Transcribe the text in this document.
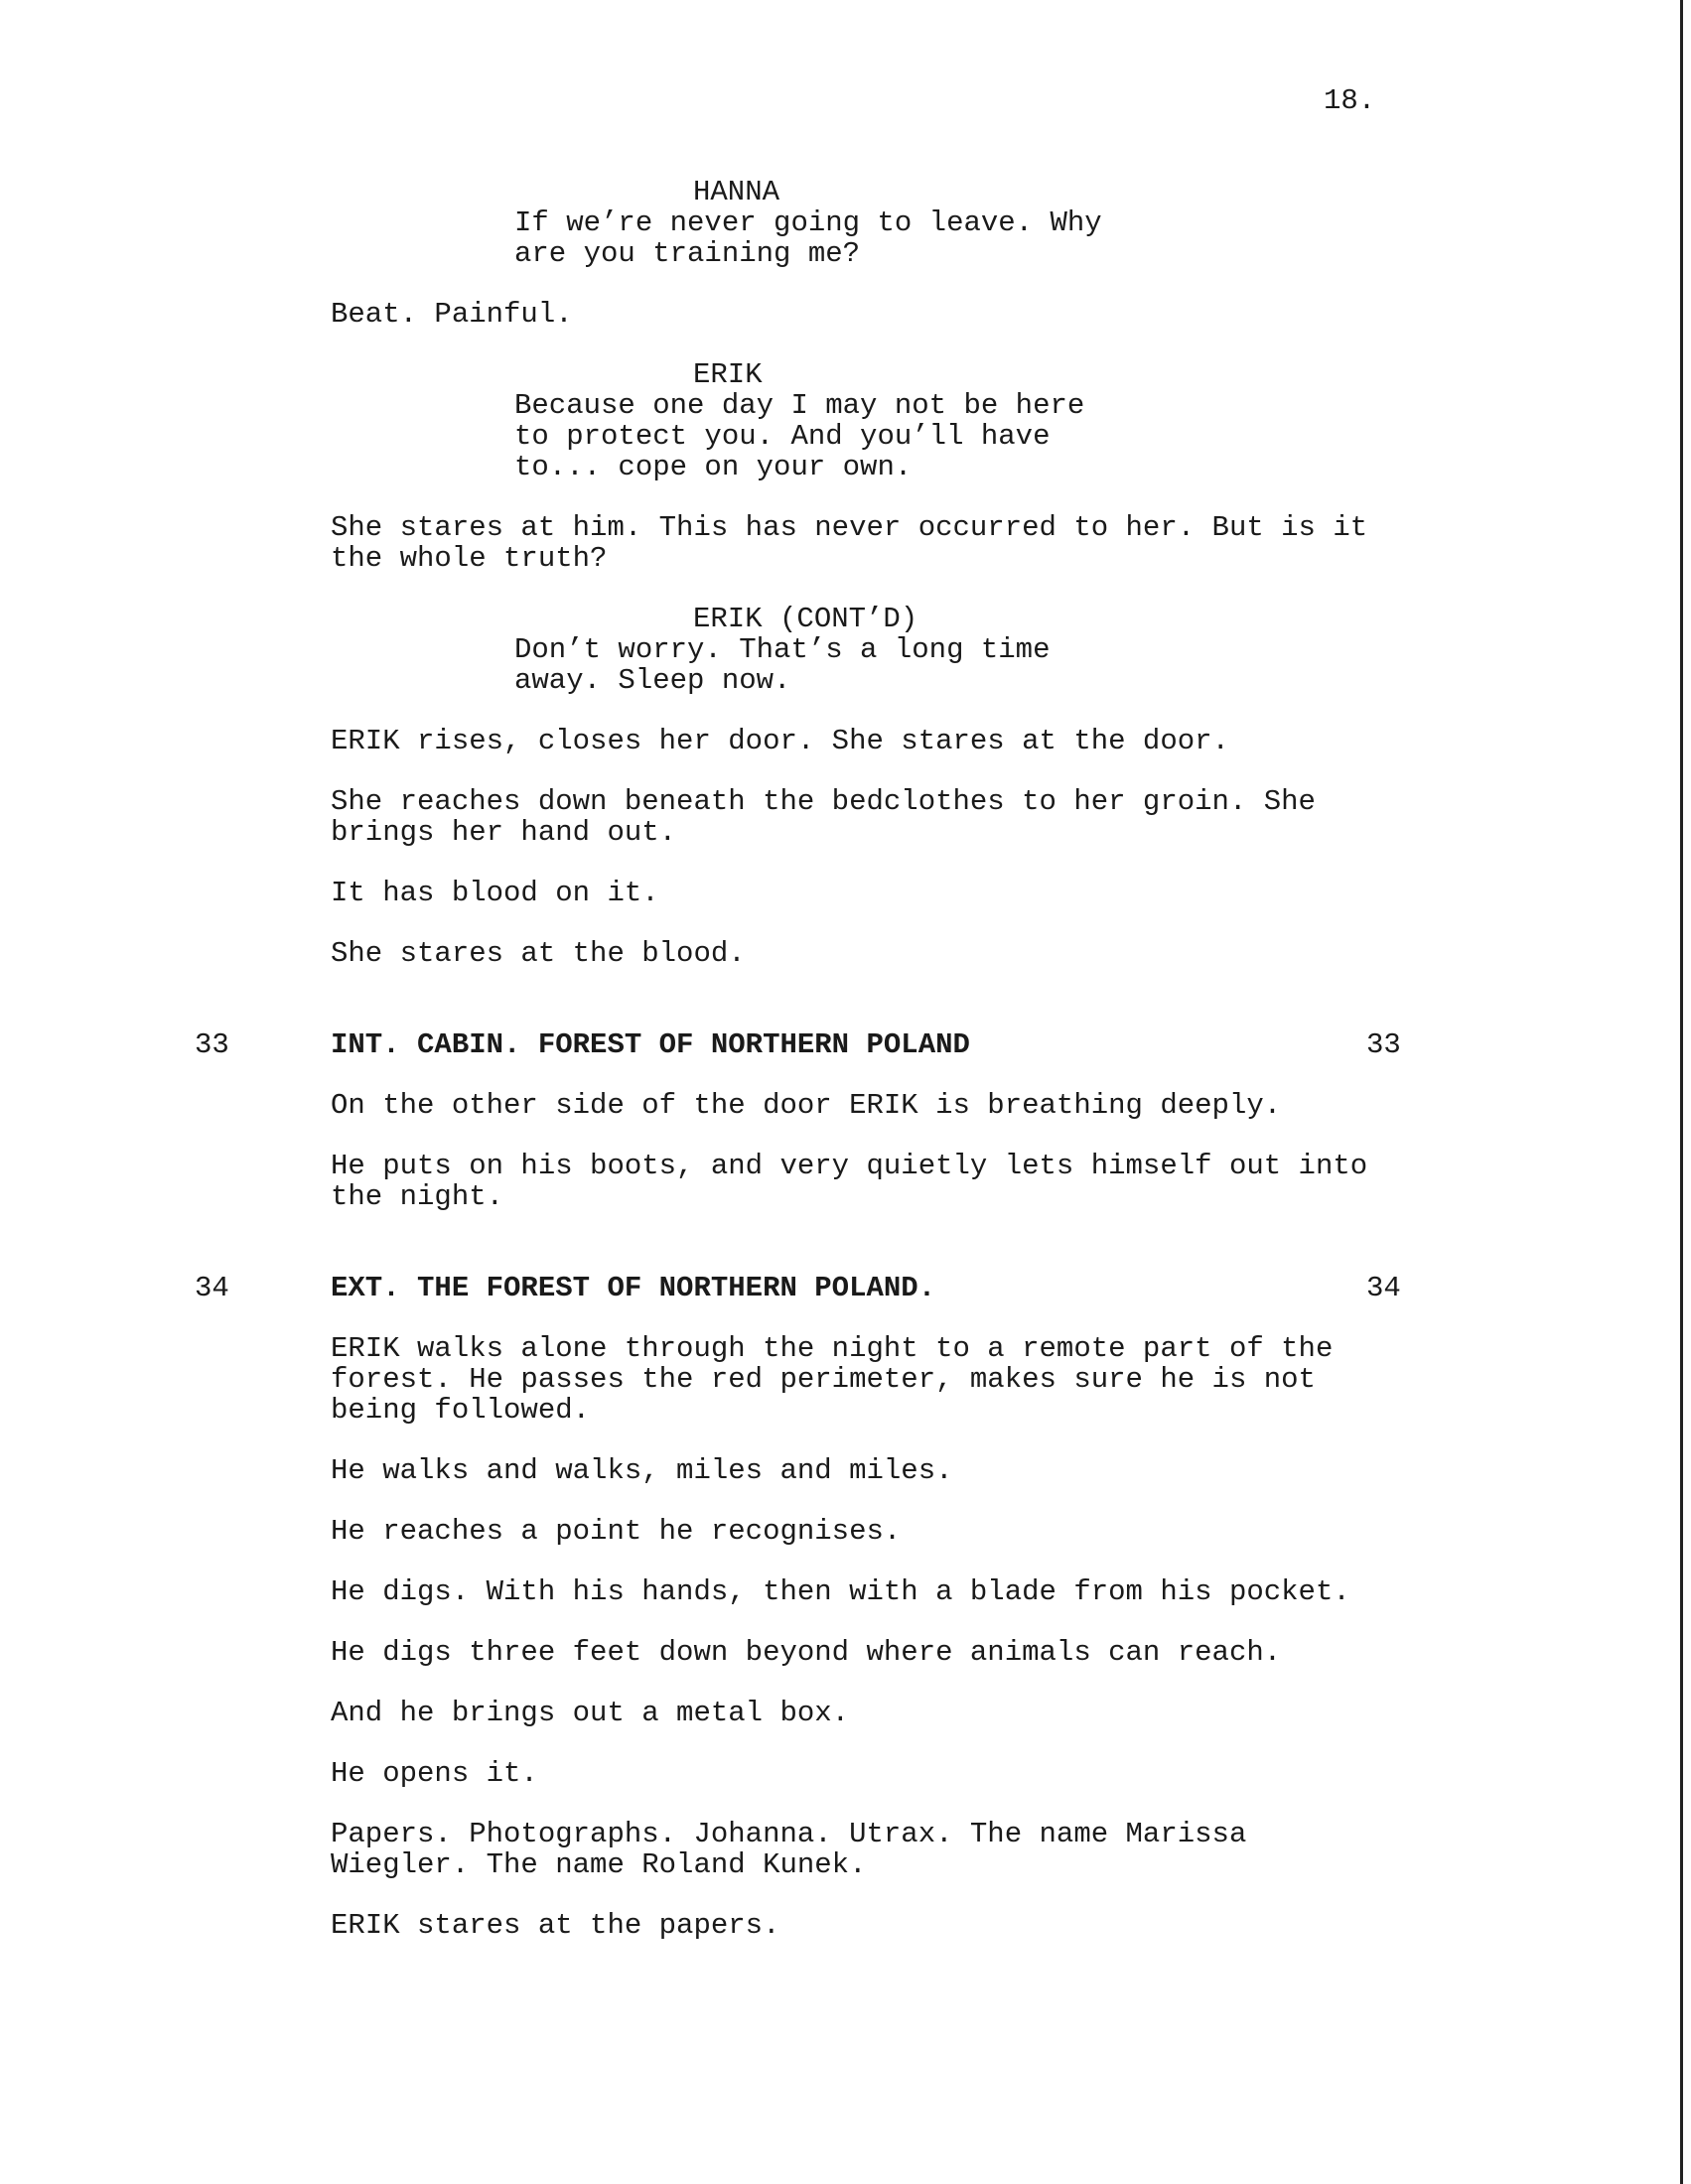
18.
HANNA
If we’re never going to leave. Why
are you training me?
Beat. Painful.
ERIK
Because one day I may not be here
to protect you. And you’ll have
to... cope on your own.
She stares at him. This has never occurred to her. But is it
the whole truth?
ERIK (CONT’D)
Don’t worry. That’s a long time
away. Sleep now.
ERIK rises, closes her door. She stares at the door.
She reaches down beneath the bedclothes to her groin. She
brings her hand out.
It has blood on it.
She stares at the blood.
33	INT. CABIN. FOREST OF NORTHERN POLAND	33
On the other side of the door ERIK is breathing deeply.
He puts on his boots, and very quietly lets himself out into
the night.
34	EXT. THE FOREST OF NORTHERN POLAND.	34
ERIK walks alone through the night to a remote part of the
forest. He passes the red perimeter, makes sure he is not
being followed.
He walks and walks, miles and miles.
He reaches a point he recognises.
He digs. With his hands, then with a blade from his pocket.
He digs three feet down beyond where animals can reach.
And he brings out a metal box.
He opens it.
Papers. Photographs. Johanna. Utrax. The name Marissa
Wiegler. The name Roland Kunek.
ERIK stares at the papers.
